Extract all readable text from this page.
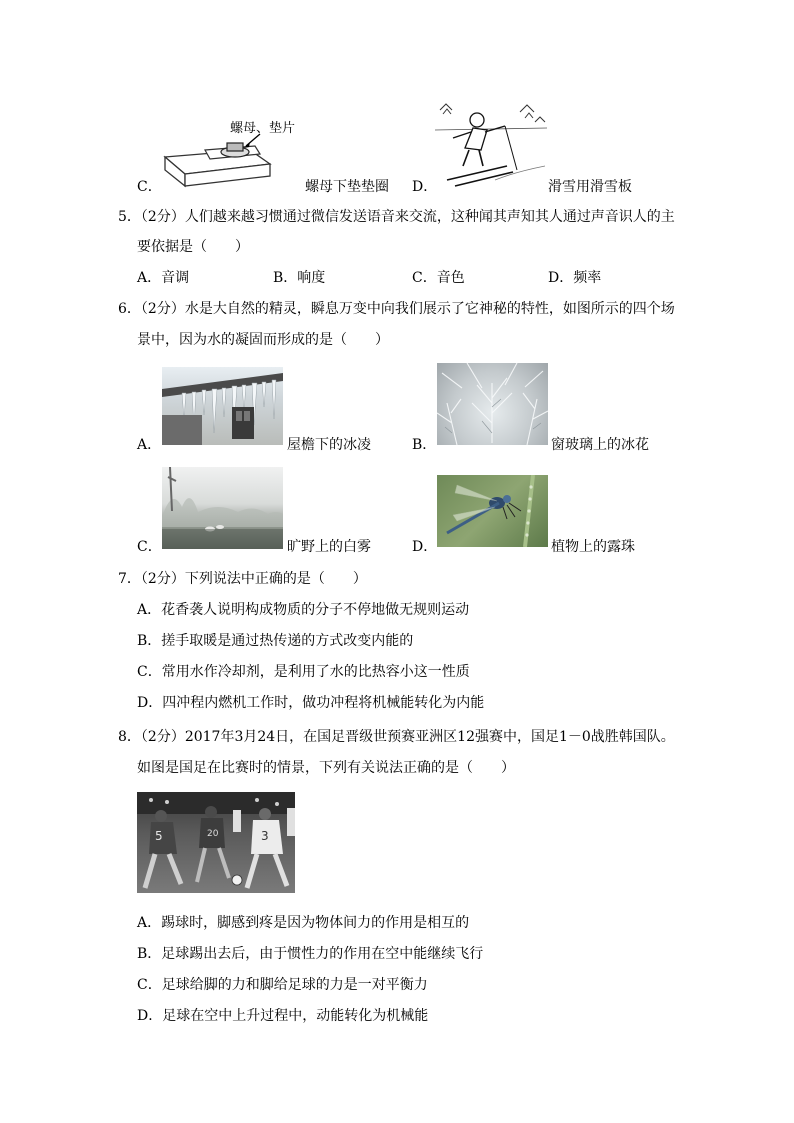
螺母、垫片
C．	螺母下垫垫圈 D．	滑雪用滑雪板
5．（2分）人们越来越习惯通过微信发送语音来交流，这种闻其声知其人通过声音识人的主
要依据是（　　）
A．音调	B．响度	C．音色	D．频率
6．（2分）水是大自然的精灵，瞬息万变中向我们展示了它神秘的特性，如图所示的四个场
景中，因为水的凝固而形成的是（　　）
A．	屋檐下的冰凌	B．	窗玻璃上的冰花
C．	旷野上的白雾	D．	植物上的露珠
7．（2分）下列说法中正确的是（　　）
A．花香袭人说明构成物质的分子不停地做无规则运动
B．搓手取暖是通过热传递的方式改变内能的
C．常用水作冷却剂，是利用了水的比热容小这一性质
D．四冲程内燃机工作时，做功冲程将机械能转化为内能
8．（2分）2017年3月24日，在国足晋级世预赛亚洲区12强赛中，国足1－0战胜韩国队。
如图是国足在比赛时的情景，下列有关说法正确的是（　　）
5	20	3
A．踢球时，脚感到疼是因为物体间力的作用是相互的
B．足球踢出去后，由于惯性力的作用在空中能继续飞行
C．足球给脚的力和脚给足球的力是一对平衡力
D．足球在空中上升过程中，动能转化为机械能
